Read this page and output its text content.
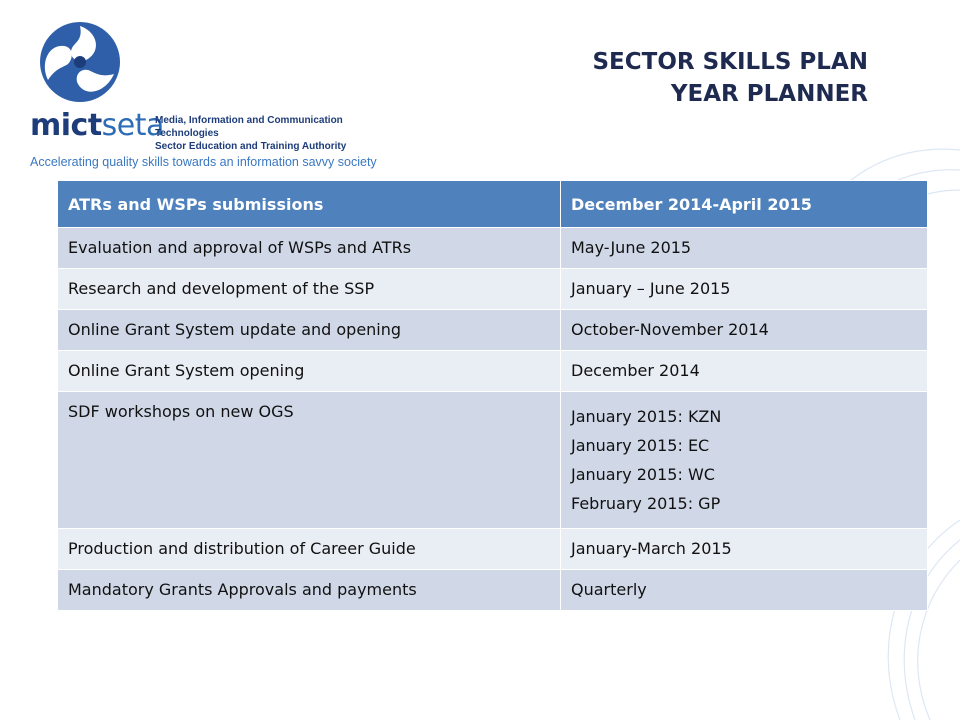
mictseta
Media, Information and Communication Technologies
Sector Education and Training Authority
Accelerating quality skills towards an information savvy society
SECTOR SKILLS PLAN
YEAR PLANNER
ATRs and WSPs submissions	December 2014-April 2015
Evaluation and approval of WSPs and ATRs	May-June 2015

Research and development of the SSP	January – June 2015

Online Grant System update and opening	October-November 2014

Online Grant System opening	December 2014

SDF workshops on new OGS	January 2015: KZN
January 2015: EC
January 2015: WC
February 2015: GP

Production and distribution of Career Guide	January-March 2015

Mandatory Grants Approvals and payments	Quarterly
